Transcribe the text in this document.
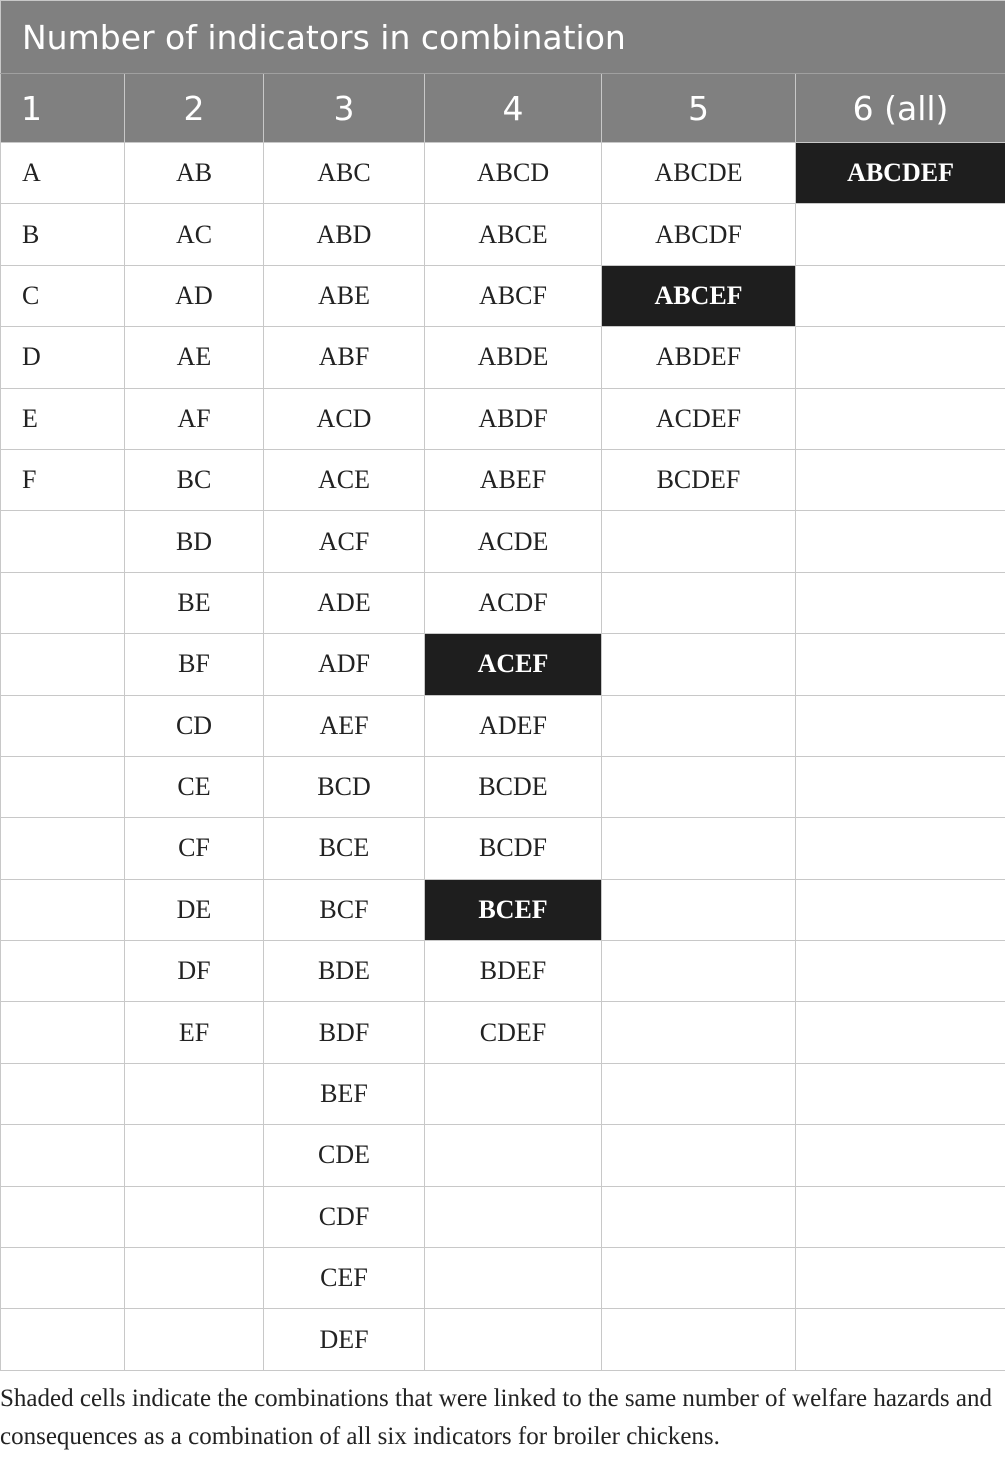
Number of indicators in combination					
1	2	3	4	5	6 (all)
A	AB	ABC	ABCD	ABCDE	ABCDEF
B	AC	ABD	ABCE	ABCDF	
C	AD	ABE	ABCF	ABCEF	
D	AE	ABF	ABDE	ABDEF	
E	AF	ACD	ABDF	ACDEF	
F	BC	ACE	ABEF	BCDEF	
	BD	ACF	ACDE		
	BE	ADE	ACDF		
	BF	ADF	ACEF		
	CD	AEF	ADEF		
	CE	BCD	BCDE		
	CF	BCE	BCDF		
	DE	BCF	BCEF		
	DF	BDE	BDEF		
	EF	BDF	CDEF		
		BEF			
		CDE			
		CDF			
		CEF			
		DEF			

Shaded cells indicate the combinations that were linked to the same number of welfare hazards and consequences as a combination of all six indicators for broiler chickens.
